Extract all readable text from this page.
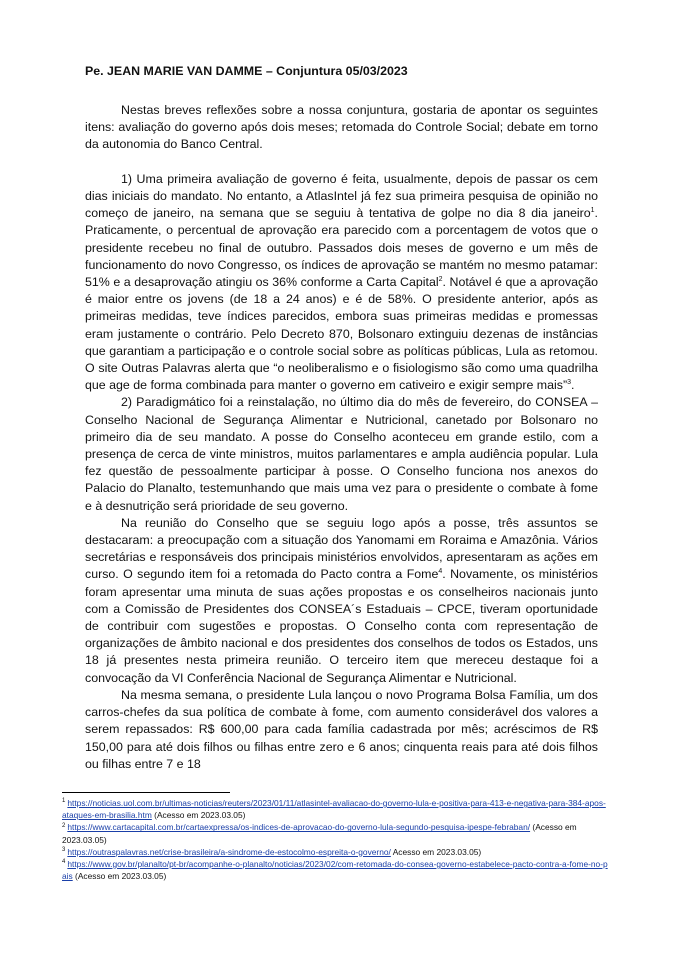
Pe. JEAN MARIE VAN DAMME – Conjuntura 05/03/2023

Nestas breves reflexões sobre a nossa conjuntura, gostaria de apontar os seguintes itens: avaliação do governo após dois meses; retomada do Controle Social; debate em torno da autonomia do Banco Central.

1) Uma primeira avaliação de governo é feita, usualmente, depois de passar os cem dias iniciais do mandato. No entanto, a AtlasIntel já fez sua primeira pesquisa de opinião no começo de janeiro, na semana que se seguiu à tentativa de golpe no dia 8 dia janeiro$^1$. Praticamente, o percentual de aprovação era parecido com a porcentagem de votos que o presidente recebeu no final de outubro. Passados dois meses de governo e um mês de funcionamento do novo Congresso, os índices de aprovação se mantém no mesmo patamar: 51% e a desaprovação atingiu os 36% conforme a Carta Capital$^2$. Notável é que a aprovação é maior entre os jovens (de 18 a 24 anos) e é de 58%. O presidente anterior, após as primeiras medidas, teve índices parecidos, embora suas primeiras medidas e promessas eram justamente o contrário. Pelo Decreto 870, Bolsonaro extinguiu dezenas de instâncias que garantiam a participação e o controle social sobre as políticas públicas, Lula as retomou. O site Outras Palavras alerta que “o neoliberalismo e o fisiologismo são como uma quadrilha que age de forma combinada para manter o governo em cativeiro e exigir sempre mais”$^3$.

2) Paradigmático foi a reinstalação, no último dia do mês de fevereiro, do CONSEA – Conselho Nacional de Segurança Alimentar e Nutricional, canetado por Bolsonaro no primeiro dia de seu mandato. A posse do Conselho aconteceu em grande estilo, com a presença de cerca de vinte ministros, muitos parlamentares e ampla audiência popular. Lula fez questão de pessoalmente participar à posse. O Conselho funciona nos anexos do Palacio do Planalto, testemunhando que mais uma vez para o presidente o combate à fome e à desnutrição será prioridade de seu governo.

Na reunião do Conselho que se seguiu logo após a posse, três assuntos se destacaram: a preocupação com a situação dos Yanomami em Roraima e Amazônia. Vários secretárias e responsáveis dos principais ministérios envolvidos, apresentaram as ações em curso. O segundo item foi a retomada do Pacto contra a Fome$^4$. Novamente, os ministérios foram apresentar uma minuta de suas ações propostas e os conselheiros nacionais junto com a Comissão de Presidentes dos CONSEA´s Estaduais – CPCE, tiveram oportunidade de contribuir com sugestões e propostas. O Conselho conta com representação de organizações de âmbito nacional e dos presidentes dos conselhos de todos os Estados, uns 18 já presentes nesta primeira reunião. O terceiro item que mereceu destaque foi a convocação da VI Conferência Nacional de Segurança Alimentar e Nutricional.

Na mesma semana, o presidente Lula lançou o novo Programa Bolsa Família, um dos carros-chefes da sua política de combate à fome, com aumento considerável dos valores a serem repassados: R$ 600,00 para cada família cadastrada por mês; acréscimos de R$ 150,00 para até dois filhos ou filhas entre zero e 6 anos; cinquenta reais para até dois filhos ou filhas entre 7 e 18

$^1$ https://noticias.uol.com.br/ultimas-noticias/reuters/2023/01/11/atlasintel-avaliacao-do-governo-lula-e-positiva-para-413-e-negativa-para-384-apos-ataques-em-brasilia.htm (Acesso em 2023.03.05)

$^2$ https://www.cartacapital.com.br/cartaexpressa/os-indices-de-aprovacao-do-governo-lula-segundo-pesquisa-ipespe-febraban/ (Acesso em 2023.03.05)

$^3$ https://outraspalavras.net/crise-brasileira/a-sindrome-de-estocolmo-espreita-o-governo/ Acesso em 2023.03.05)

$^4$ https://www.gov.br/planalto/pt-br/acompanhe-o-planalto/noticias/2023/02/com-retomada-do-consea-governo-estabelece-pacto-contra-a-fome-no-pais (Acesso em 2023.03.05)
